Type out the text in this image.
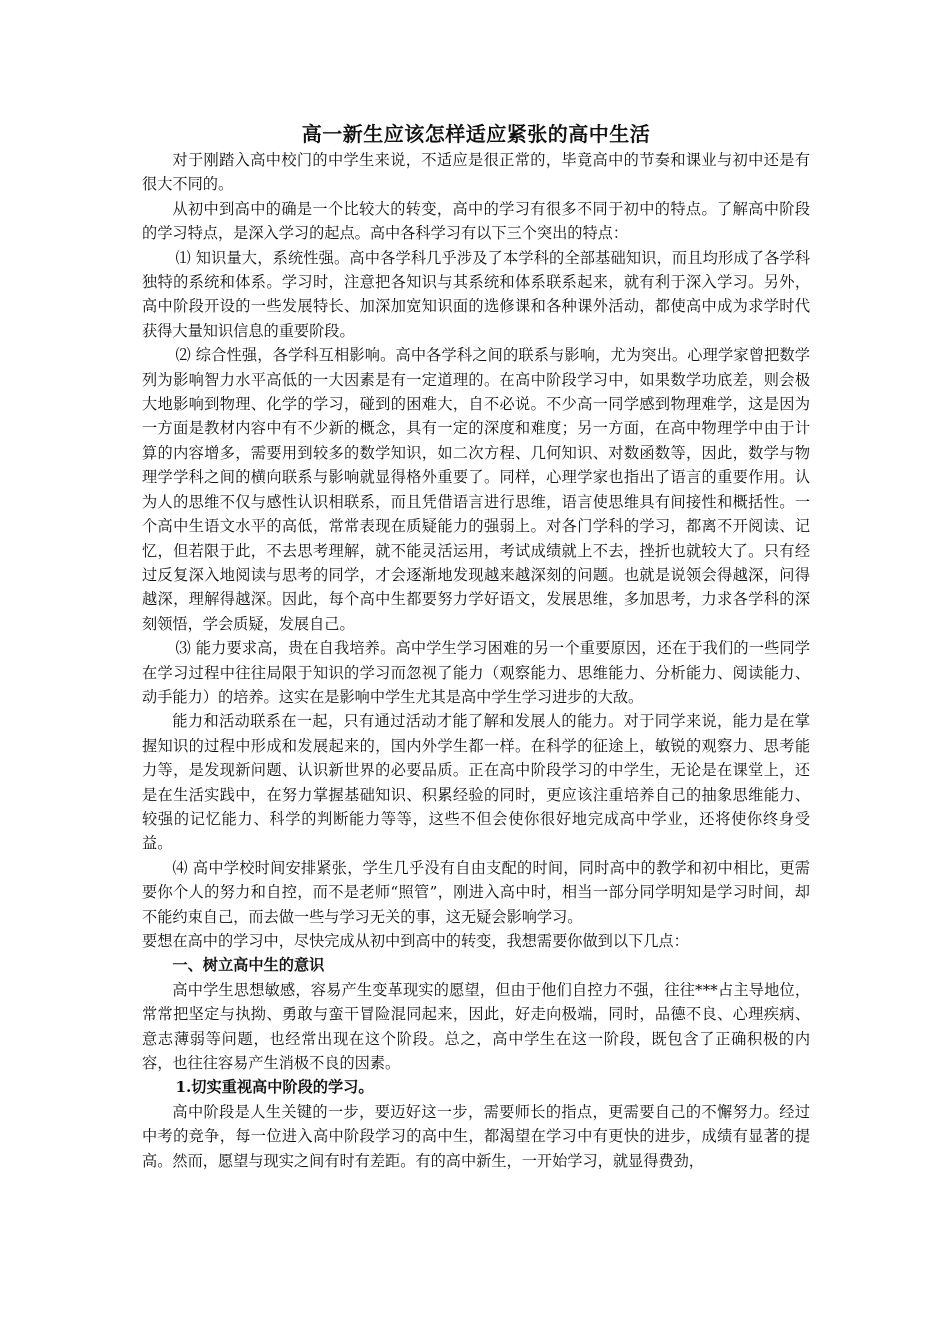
高一新生应该怎样适应紧张的高中生活

对于刚踏入高中校门的中学生来说，不适应是很正常的，毕竟高中的节奏和课业与初中还是有很大不同的。

从初中到高中的确是一个比较大的转变，高中的学习有很多不同于初中的特点。了解高中阶段的学习特点，是深入学习的起点。高中各科学习有以下三个突出的特点：

⑴ 知识量大，系统性强。高中各学科几乎涉及了本学科的全部基础知识，而且均形成了各学科独特的系统和体系。学习时，注意把各知识与其系统和体系联系起来，就有利于深入学习。另外，高中阶段开设的一些发展特长、加深加宽知识面的选修课和各种课外活动，都使高中成为求学时代获得大量知识信息的重要阶段。

⑵ 综合性强，各学科互相影响。高中各学科之间的联系与影响，尤为突出。心理学家曾把数学列为影响智力水平高低的一大因素是有一定道理的。在高中阶段学习中，如果数学功底差，则会极大地影响到物理、化学的学习，碰到的困难大，自不必说。不少高一同学感到物理难学，这是因为一方面是教材内容中有不少新的概念，具有一定的深度和难度；另一方面，在高中物理学中由于计算的内容增多，需要用到较多的数学知识，如二次方程、几何知识、对数函数等，因此，数学与物理学学科之间的横向联系与影响就显得格外重要了。同样，心理学家也指出了语言的重要作用。认为人的思维不仅与感性认识相联系，而且凭借语言进行思维，语言使思维具有间接性和概括性。一个高中生语文水平的高低，常常表现在质疑能力的强弱上。对各门学科的学习，都离不开阅读、记忆，但若限于此，不去思考理解，就不能灵活运用，考试成绩就上不去，挫折也就较大了。只有经过反复深入地阅读与思考的同学，才会逐渐地发现越来越深刻的问题。也就是说领会得越深，问得越深，理解得越深。因此，每个高中生都要努力学好语文，发展思维，多加思考，力求各学科的深刻领悟，学会质疑，发展自己。

⑶ 能力要求高，贵在自我培养。高中学生学习困难的另一个重要原因，还在于我们的一些同学在学习过程中往往局限于知识的学习而忽视了能力（观察能力、思维能力、分析能力、阅读能力、动手能力）的培养。这实在是影响中学生尤其是高中学生学习进步的大敌。

能力和活动联系在一起，只有通过活动才能了解和发展人的能力。对于同学来说，能力是在掌握知识的过程中形成和发展起来的，国内外学生都一样。在科学的征途上，敏锐的观察力、思考能力等，是发现新问题、认识新世界的必要品质。正在高中阶段学习的中学生，无论是在课堂上，还是在生活实践中，在努力掌握基础知识、积累经验的同时，更应该注重培养自己的抽象思维能力、较强的记忆能力、科学的判断能力等等，这些不但会使你很好地完成高中学业，还将使你终身受益。

⑷ 高中学校时间安排紧张，学生几乎没有自由支配的时间，同时高中的教学和初中相比，更需要你个人的努力和自控，而不是老师“照管”，刚进入高中时，相当一部分同学明知是学习时间，却不能约束自己，而去做一些与学习无关的事，这无疑会影响学习。

要想在高中的学习中，尽快完成从初中到高中的转变，我想需要你做到以下几点：

一、树立高中生的意识

高中学生思想敏感，容易产生变革现实的愿望，但由于他们自控力不强，往往***占主导地位，常常把坚定与执拗、勇敢与蛮干冒险混同起来，因此，好走向极端，同时，品德不良、心理疾病、意志薄弱等问题，也经常出现在这个阶段。总之，高中学生在这一阶段，既包含了正确积极的内容，也往往容易产生消极不良的因素。

1.切实重视高中阶段的学习。

高中阶段是人生关键的一步，要迈好这一步，需要师长的指点，更需要自己的不懈努力。经过中考的竞争，每一位进入高中阶段学习的高中生，都渴望在学习中有更快的进步，成绩有显著的提高。然而，愿望与现实之间有时有差距。有的高中新生，一开始学习，就显得费劲，
